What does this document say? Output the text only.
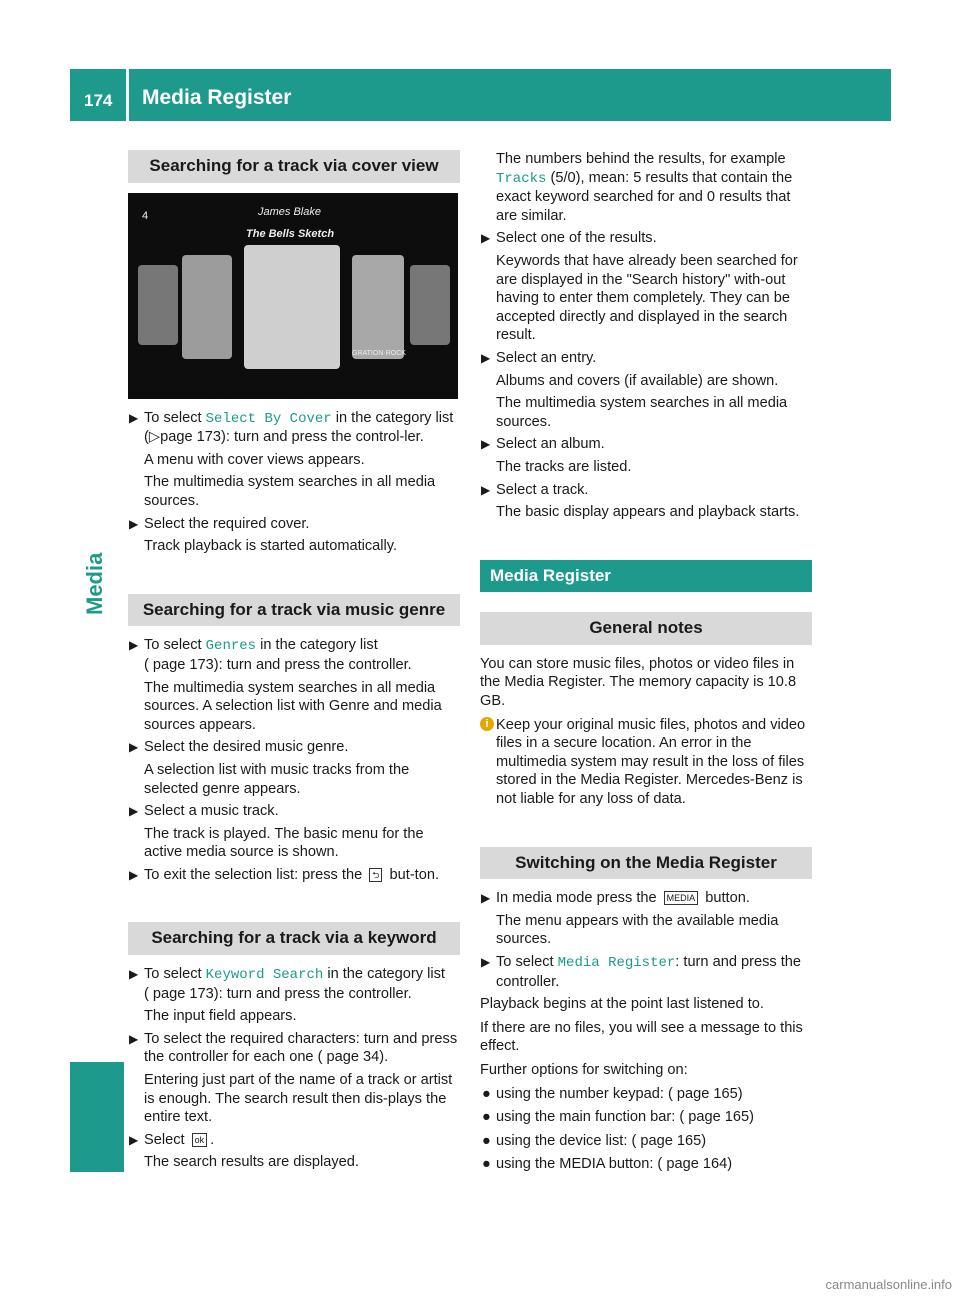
174 Media Register
Media
Searching for a track via cover view
4	James Blake
The Bells Sketch
GRATION·ROCK
▶ To select Select By Cover in the category list (▷page 173): turn and press the control-ler.
A menu with cover views appears.
The multimedia system searches in all media sources.
▶ Select the required cover.
Track playback is started automatically.
Searching for a track via music genre
▶ To select Genres in the category list
( page 173): turn and press the controller.
The multimedia system searches in all media sources. A selection list with Genre and media sources appears.
▶ Select the desired music genre.
A selection list with music tracks from the selected genre appears.
▶ Select a music track.
The track is played. The basic menu for the active media source is shown.
▶ To exit the selection list: press the ⮌ but-ton.
Searching for a track via a keyword
▶ To select Keyword Search in the category list
( page 173): turn and press the controller.
The input field appears.
▶ To select the required characters: turn and press the controller for each one ( page 34).
Entering just part of the name of a track or artist is enough. The search result then dis-plays the entire text.
▶ Select ok .
The search results are displayed.
The numbers behind the results, for example Tracks (5/0), mean: 5 results that contain the exact keyword searched for and 0 results that are similar.
▶ Select one of the results.
Keywords that have already been searched for are displayed in the "Search history" with-out having to enter them completely. They can be accepted directly and displayed in the search result.
▶ Select an entry.
Albums and covers (if available) are shown.
The multimedia system searches in all media sources.
▶ Select an album.
The tracks are listed.
▶ Select a track.
The basic display appears and playback starts.
Media Register
General notes
You can store music files, photos or video files in the Media Register. The memory capacity is 10.8 GB.
i Keep your original music files, photos and video files in a secure location. An error in the multimedia system may result in the loss of files stored in the Media Register. Mercedes-Benz is not liable for any loss of data.
Switching on the Media Register
▶ In media mode press the MEDIA button.
The menu appears with the available media sources.
▶ To select Media Register: turn and press the controller.
Playback begins at the point last listened to.
If there are no files, you will see a message to this effect.
Further options for switching on:
● using the number keypad: ( page 165)
● using the main function bar: ( page 165)
● using the device list: ( page 165)
● using the MEDIA button: ( page 164)
carmanualsonline.info
